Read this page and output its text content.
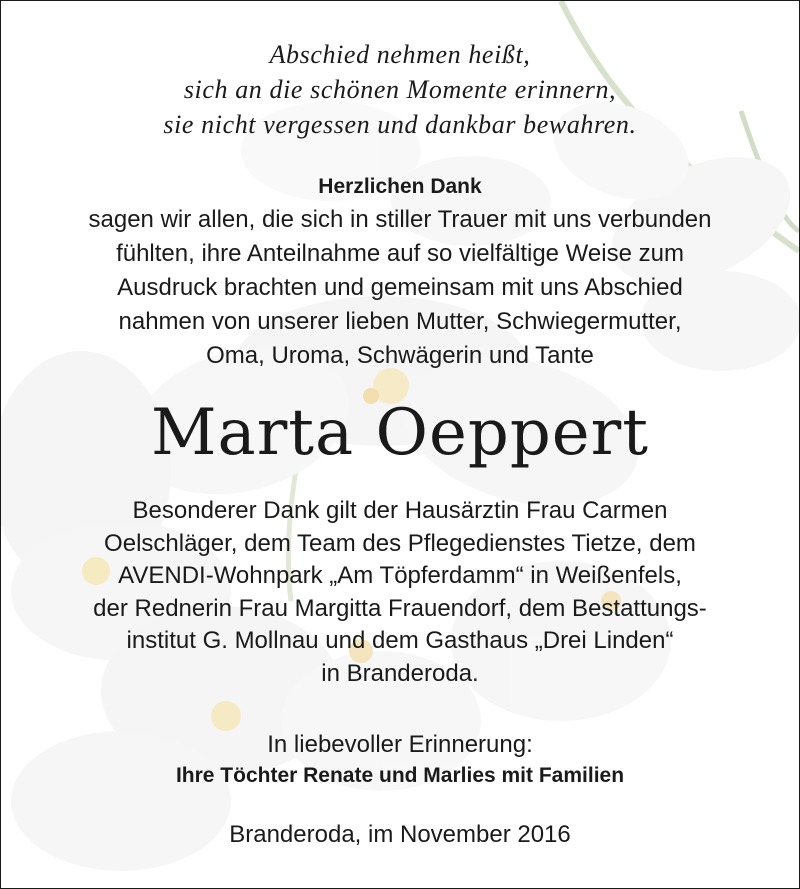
Abschied nehmen heißt,
sich an die schönen Momente erinnern,
sie nicht vergessen und dankbar bewahren.
Herzlichen Dank
sagen wir allen, die sich in stiller Trauer mit uns verbunden
fühlten, ihre Anteilnahme auf so vielfältige Weise zum
Ausdruck brachten und gemeinsam mit uns Abschied
nahmen von unserer lieben Mutter, Schwiegermutter,
Oma, Uroma, Schwägerin und Tante
Marta Oeppert
Besonderer Dank gilt der Hausärztin Frau Carmen
Oelschläger, dem Team des Pflegedienstes Tietze, dem
AVENDI-Wohnpark „Am Töpferdamm“ in Weißenfels,
der Rednerin Frau Margitta Frauendorf, dem Bestattungs-
institut G. Mollnau und dem Gasthaus „Drei Linden“
in Branderoda.
In liebevoller Erinnerung:
Ihre Töchter Renate und Marlies mit Familien
Branderoda, im November 2016
